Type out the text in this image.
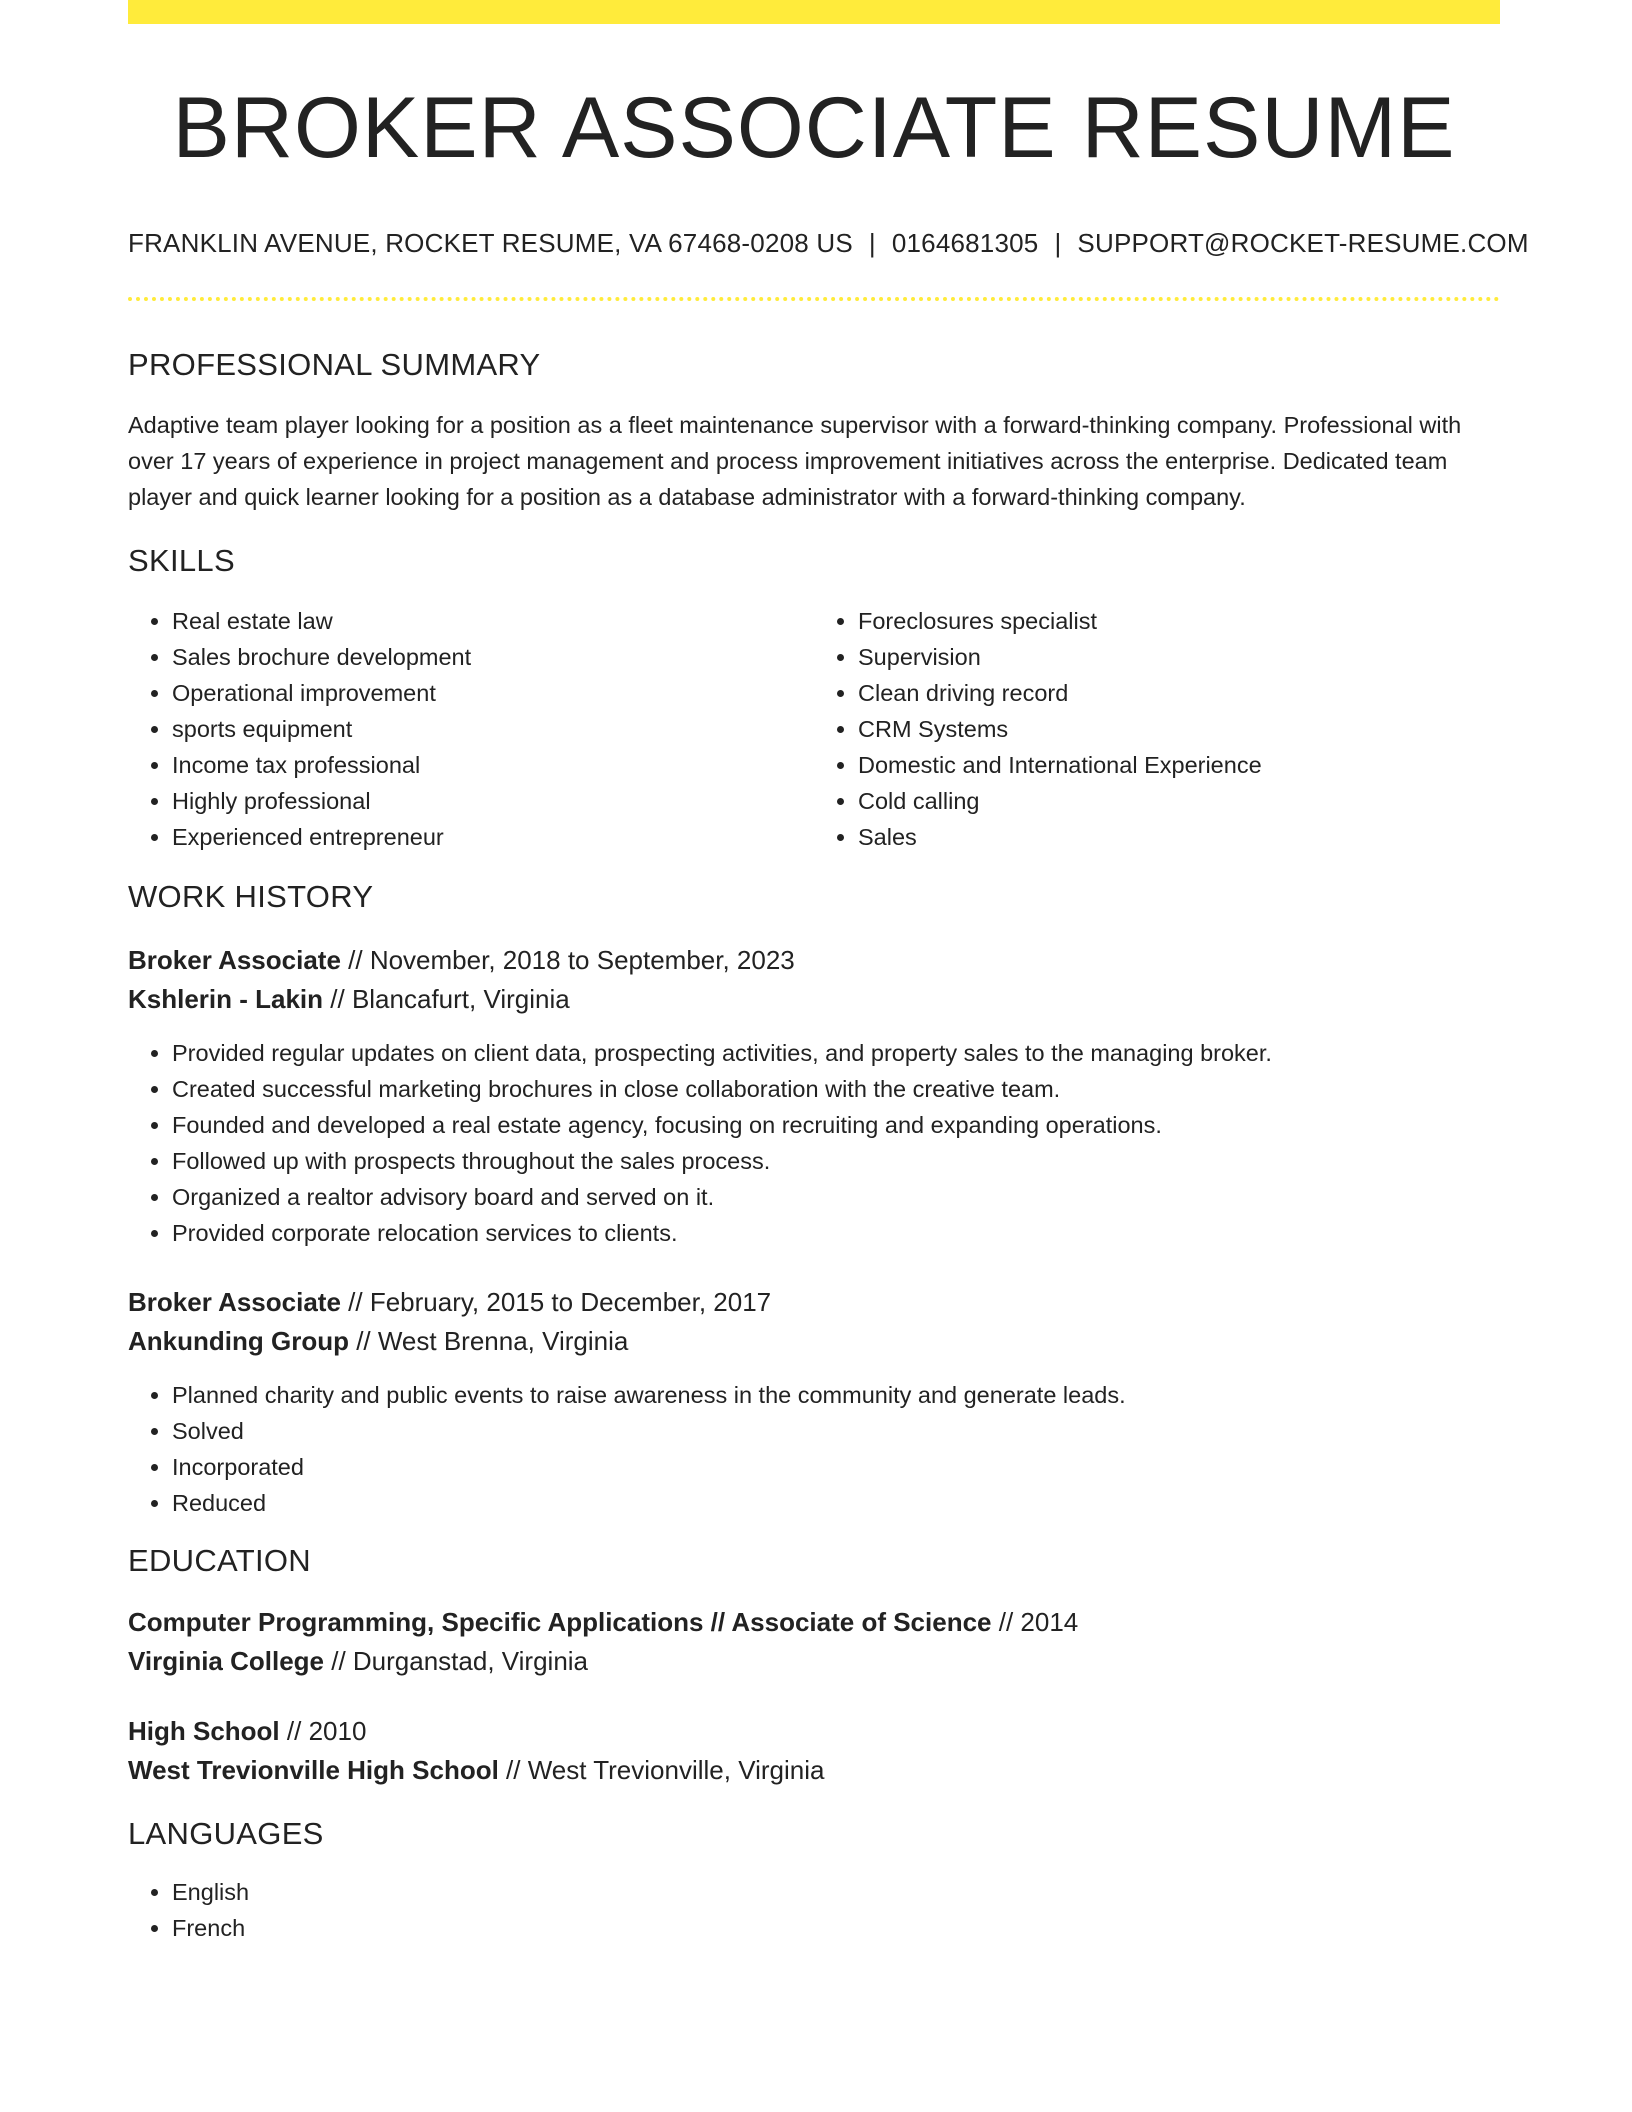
BROKER ASSOCIATE RESUME
FRANKLIN AVENUE, ROCKET RESUME, VA 67468-0208 US | 0164681305 | SUPPORT@ROCKET-RESUME.COM
PROFESSIONAL SUMMARY

Adaptive team player looking for a position as a fleet maintenance supervisor with a forward-thinking company. Professional with over 17 years of experience in project management and process improvement initiatives across the enterprise. Dedicated team player and quick learner looking for a position as a database administrator with a forward-thinking company.

SKILLS
• Real estate law
• Sales brochure development
• Operational improvement
• sports equipment
• Income tax professional
• Highly professional
• Experienced entrepreneur
• Foreclosures specialist
• Supervision
• Clean driving record
• CRM Systems
• Domestic and International Experience
• Cold calling
• Sales
WORK HISTORY
Broker Associate // November, 2018 to September, 2023
Kshlerin - Lakin // Blancafurt, Virginia
• Provided regular updates on client data, prospecting activities, and property sales to the managing broker.
• Created successful marketing brochures in close collaboration with the creative team.
• Founded and developed a real estate agency, focusing on recruiting and expanding operations.
• Followed up with prospects throughout the sales process.
• Organized a realtor advisory board and served on it.
• Provided corporate relocation services to clients.
Broker Associate // February, 2015 to December, 2017
Ankunding Group // West Brenna, Virginia
• Planned charity and public events to raise awareness in the community and generate leads.
• Solved
• Incorporated
• Reduced
EDUCATION
Computer Programming, Specific Applications // Associate of Science // 2014
Virginia College // Durganstad, Virginia
High School // 2010
West Trevionville High School // West Trevionville, Virginia
LANGUAGES
• English
• French
